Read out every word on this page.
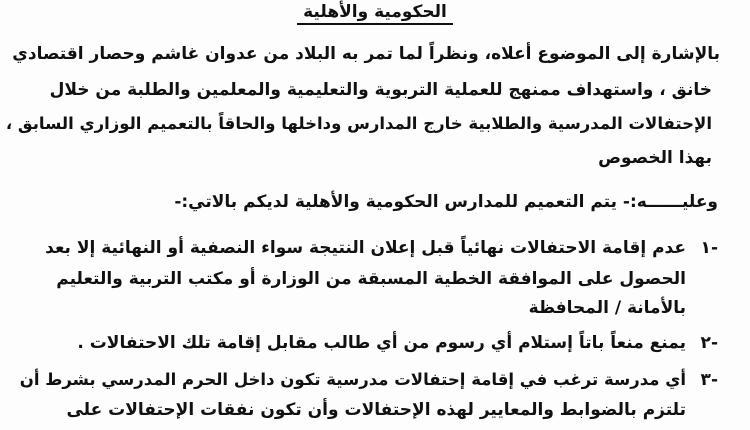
الحكومية والأهلية
بالإشارة إلى الموضوع أعلاه، ونظراً لما تمر به البلاد من عدوان غاشم وحصار اقتصادي
خانق ، واستهداف ممنهج للعملية التربوية والتعليمية والمعلمين والطلبة من خلال
الإحتفالات المدرسية والطلابية خارج المدارس وداخلها والحاقاً بالتعميم الوزاري السابق ،
بهذا الخصوص
وعليــــــه:- يتم التعميم للمدارس الحكومية والأهلية لديكم بالاتي:-
-١
عدم إقامة الاحتفالات نهائياً قبل إعلان النتيجة سواء النصفية أو النهائية إلا بعد
الحصول على الموافقة الخطية المسبقة من الوزارة أو مكتب التربية والتعليم
بالأمانة / المحافظة
-٢
يمنع منعاً باتاً إستلام أي رسوم من أي طالب مقابل إقامة تلك الاحتفالات .
-٣
أي مدرسة ترغب في إقامة إحتفالات مدرسية تكون داخل الحرم المدرسي بشرط أن
تلتزم بالضوابط والمعايير لهذه الإحتفالات وأن تكون نفقات الإحتفالات على
